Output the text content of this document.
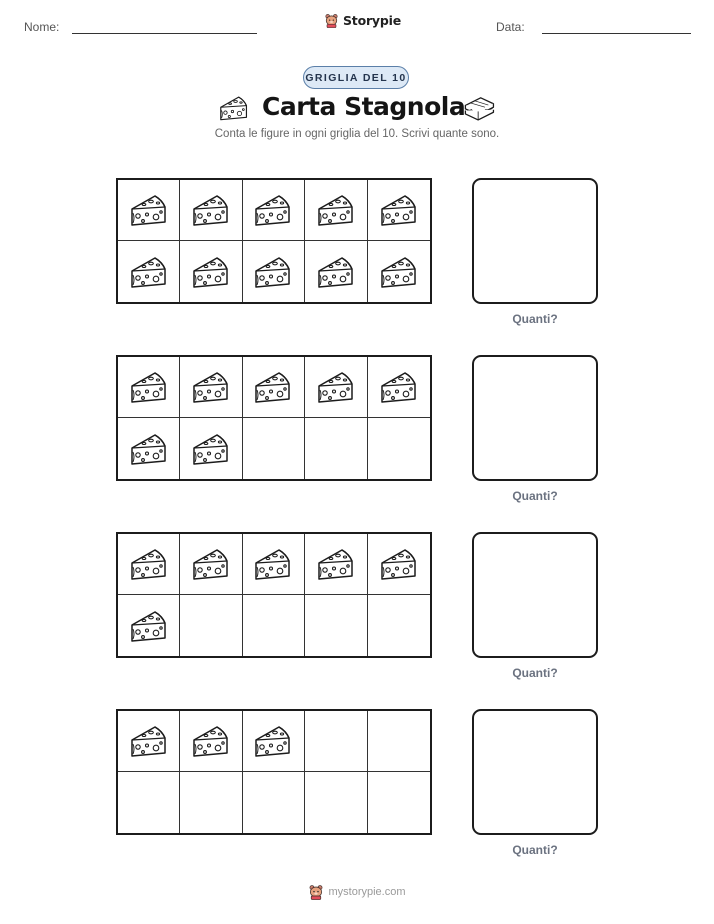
Nome:	Storypie	Data:
GRIGLIA DEL 10
Carta Stagnola
Conta le figure in ogni griglia del 10. Scrivi quante sono.
Quanti?
Quanti?
Quanti?
Quanti?
mystorypie.com
